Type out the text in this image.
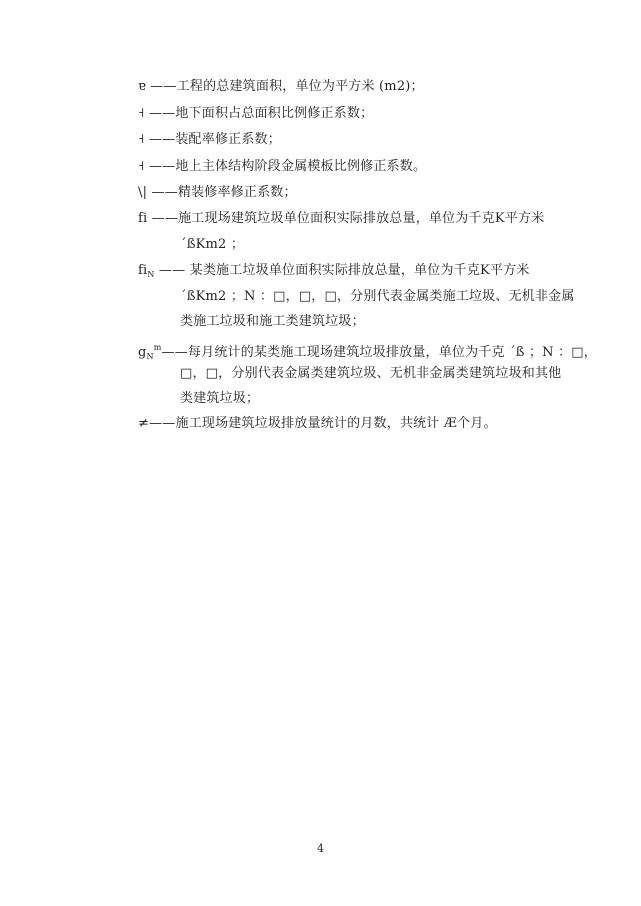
ɐ ——工程的总建筑面积，单位为平方米 (m2)；
˧ ——地下面积占总面积比例修正系数；
˧ ——装配率修正系数；
˧ ——地上主体结构阶段金属模板比例修正系数。
\| ——精装修率修正系数；
fi ——施工现场建筑垃圾单位面积实际排放总量，单位为千克K平方米
´ßKm2 ；
$fi_N$ —— 某类施工垃圾单位面积实际排放总量，单位为千克K平方米
´ßKm2 ；N ：□，□，□，分别代表金属类施工垃圾、无机非金属
类施工垃圾和施工类建筑垃圾；
$g_N^m——$每月统计的某类施工现场建筑垃圾排放量，单位为千克 ´ß ；N ：□，
□，□，分别代表金属类建筑垃圾、无机非金属类建筑垃圾和其他
类建筑垃圾；
≠——施工现场建筑垃圾排放量统计的月数，共统计 Æ个月。
4
